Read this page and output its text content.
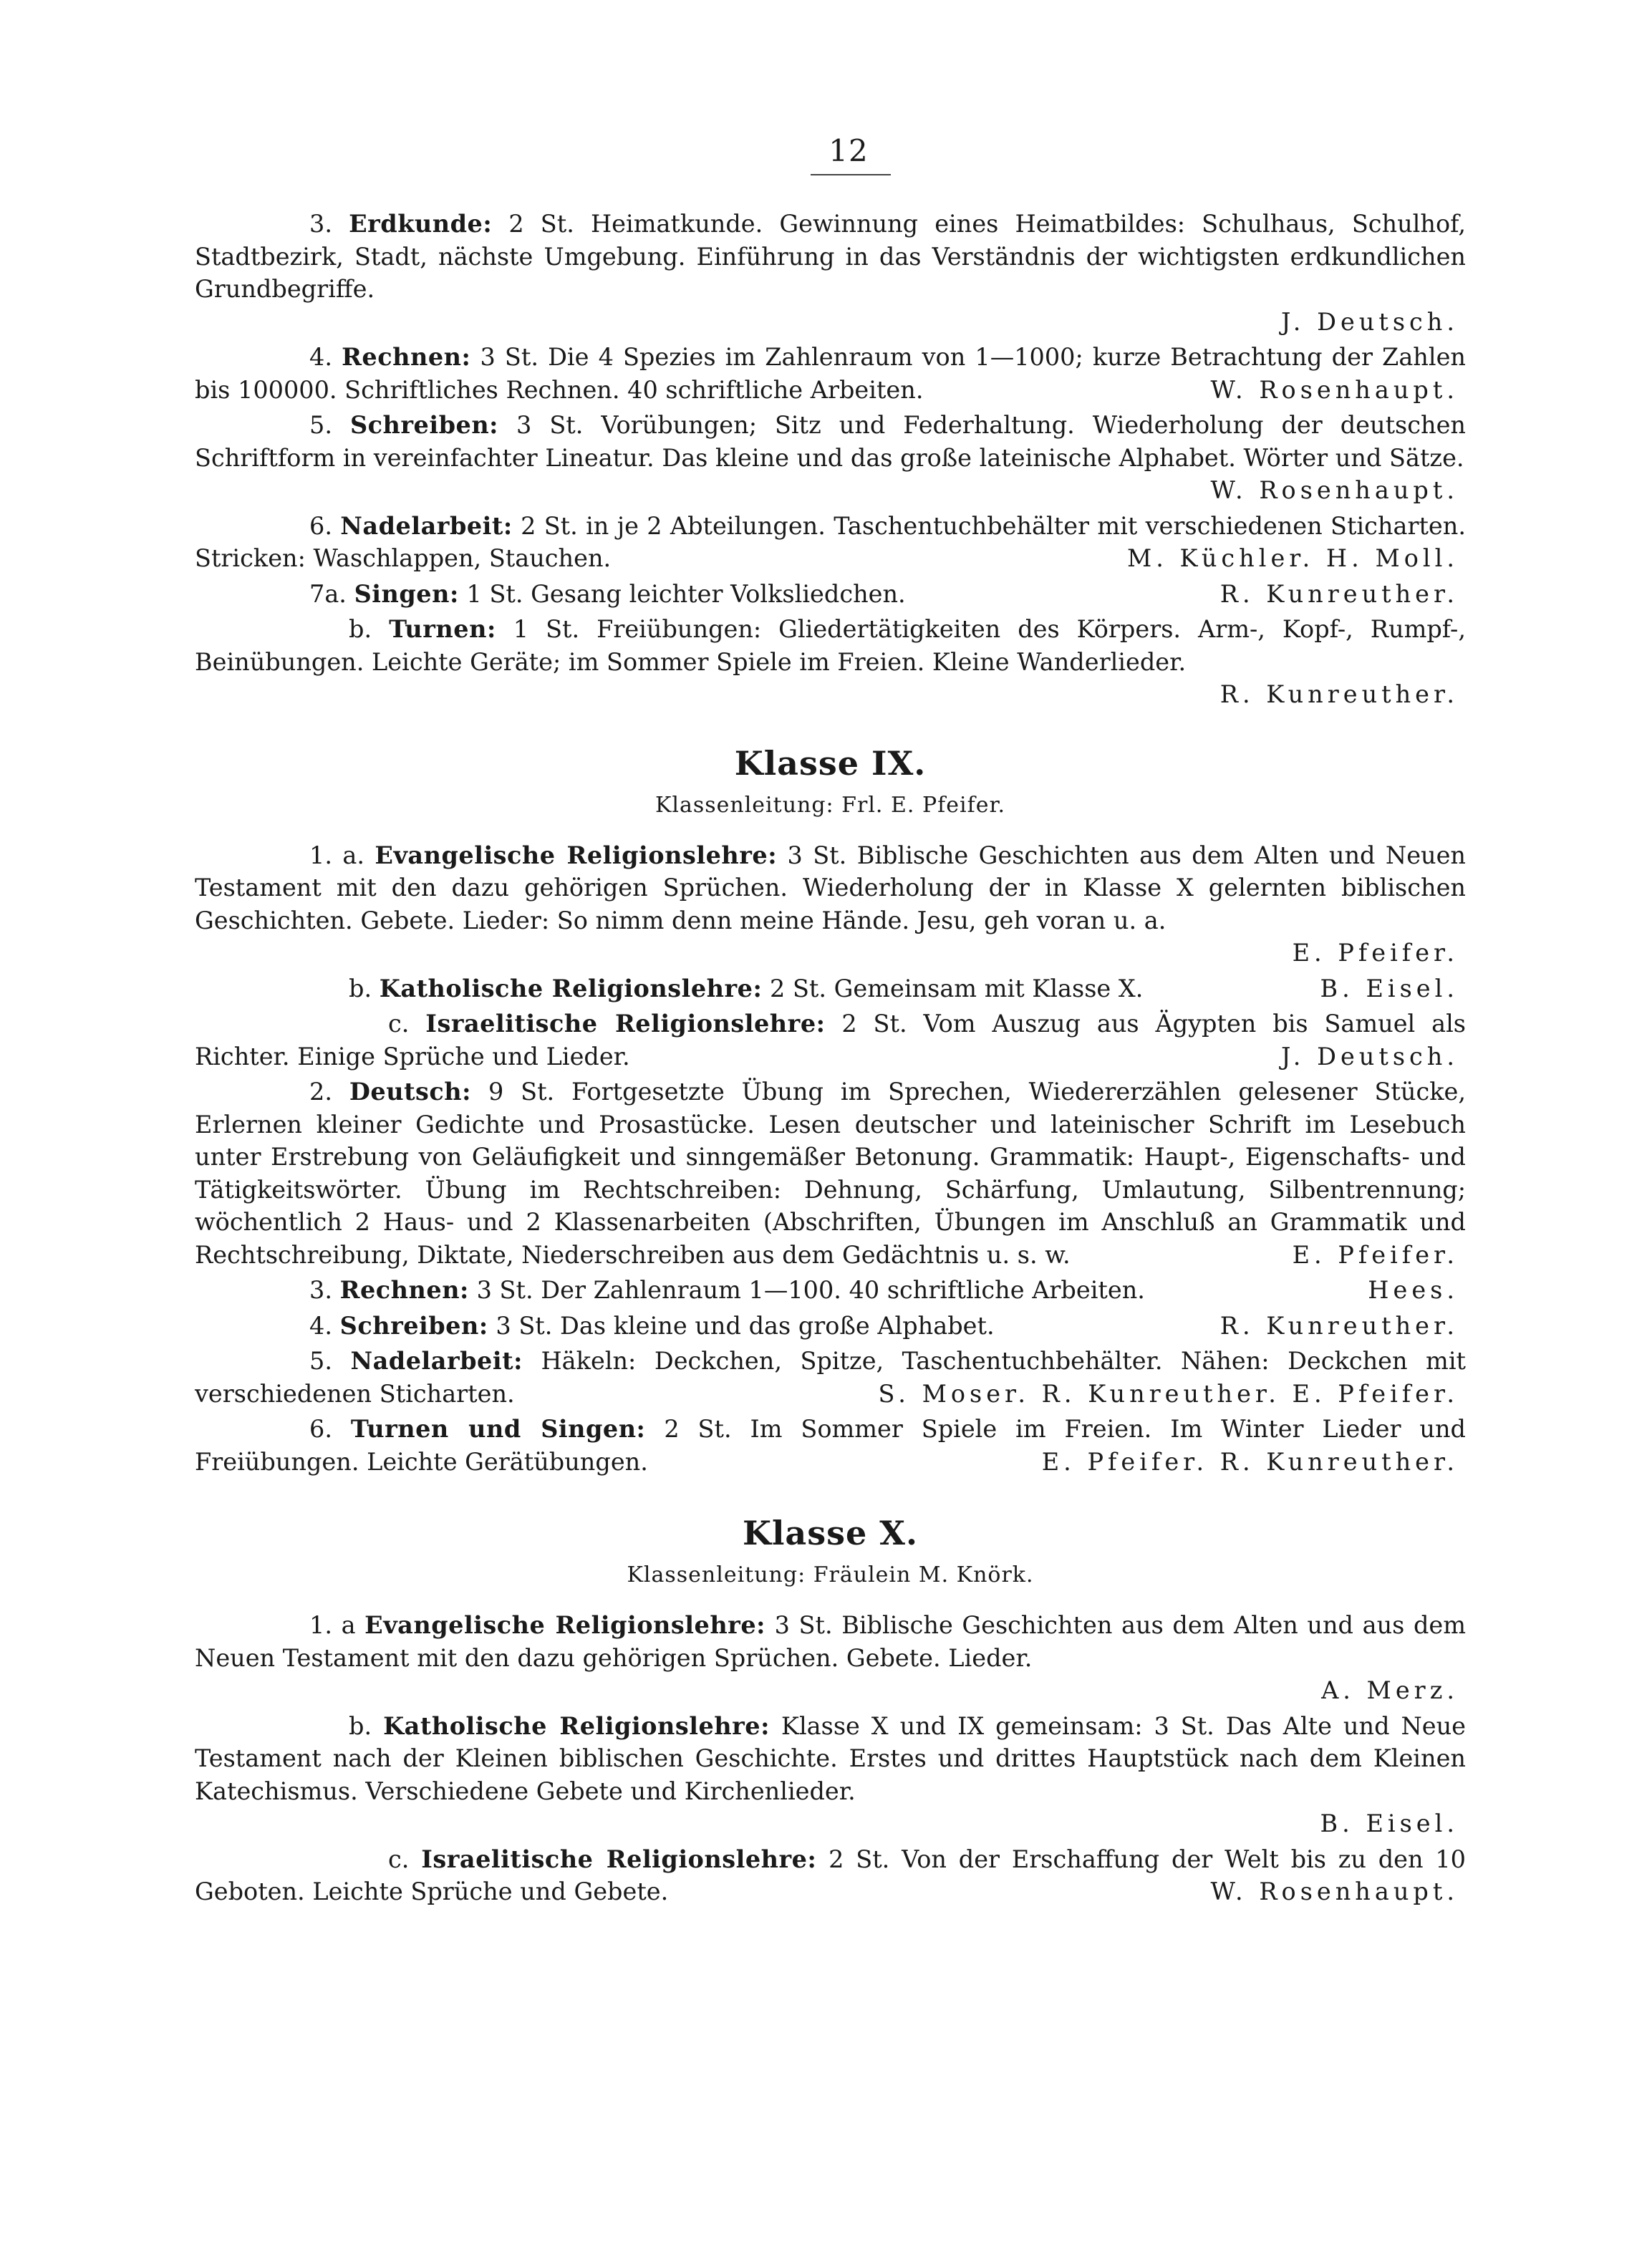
12

3. Erdkunde: 2 St. Heimatkunde. Gewinnung eines Heimatbildes: Schulhaus, Schulhof, Stadtbezirk, Stadt, nächste Umgebung. Einführung in das Verständnis der wichtigsten erdkundlichen Grundbegriffe.
J. Deutsch.

4. Rechnen: 3 St. Die 4 Spezies im Zahlenraum von 1—1000; kurze Betrachtung der Zahlen bis 100000. Schriftliches Rechnen. 40 schriftliche Arbeiten.	W. Rosenhaupt.

5. Schreiben: 3 St. Vorübungen; Sitz und Federhaltung. Wiederholung der deutschen Schriftform in vereinfachter Lineatur. Das kleine und das große lateinische Alphabet. Wörter und Sätze.
W. Rosenhaupt.

6. Nadelarbeit: 2 St. in je 2 Abteilungen. Taschentuchbehälter mit verschiedenen Sticharten. Stricken: Waschlappen, Stauchen.	M. Küchler. H. Moll.

7a. Singen: 1 St. Gesang leichter Volksliedchen.	R. Kunreuther.

b. Turnen: 1 St. Freiübungen: Gliedertätigkeiten des Körpers. Arm-, Kopf-, Rumpf-, Beinübungen. Leichte Geräte; im Sommer Spiele im Freien. Kleine Wanderlieder.
R. Kunreuther.

Klasse IX.
Klassenleitung: Frl. E. Pfeifer.

1. a. Evangelische Religionslehre: 3 St. Biblische Geschichten aus dem Alten und Neuen Testament mit den dazu gehörigen Sprüchen. Wiederholung der in Klasse X gelernten biblischen Geschichten. Gebete. Lieder: So nimm denn meine Hände. Jesu, geh voran u. a.
E. Pfeifer.

b. Katholische Religionslehre: 2 St. Gemeinsam mit Klasse X.	B. Eisel.

c. Israelitische Religionslehre: 2 St. Vom Auszug aus Ägypten bis Samuel als Richter. Einige Sprüche und Lieder.	J. Deutsch.

2. Deutsch: 9 St. Fortgesetzte Übung im Sprechen, Wiedererzählen gelesener Stücke, Erlernen kleiner Gedichte und Prosastücke. Lesen deutscher und lateinischer Schrift im Lesebuch unter Erstrebung von Geläufigkeit und sinngemäßer Betonung. Grammatik: Haupt-, Eigenschafts- und Tätigkeitswörter. Übung im Rechtschreiben: Dehnung, Schärfung, Umlautung, Silbentrennung; wöchentlich 2 Haus- und 2 Klassenarbeiten (Abschriften, Übungen im Anschluß an Grammatik und Rechtschreibung, Diktate, Niederschreiben aus dem Gedächtnis u. s. w.	E. Pfeifer.

3. Rechnen: 3 St. Der Zahlenraum 1—100. 40 schriftliche Arbeiten.	Hees.

4. Schreiben: 3 St. Das kleine und das große Alphabet.	R. Kunreuther.

5. Nadelarbeit: Häkeln: Deckchen, Spitze, Taschentuchbehälter. Nähen: Deckchen mit verschiedenen Sticharten.	S. Moser. R. Kunreuther. E. Pfeifer.

6. Turnen und Singen: 2 St. Im Sommer Spiele im Freien. Im Winter Lieder und Freiübungen. Leichte Gerätübungen.	E. Pfeifer. R. Kunreuther.

Klasse X.
Klassenleitung: Fräulein M. Knörk.

1. a Evangelische Religionslehre: 3 St. Biblische Geschichten aus dem Alten und aus dem Neuen Testament mit den dazu gehörigen Sprüchen. Gebete. Lieder.
A. Merz.

b. Katholische Religionslehre: Klasse X und IX gemeinsam: 3 St. Das Alte und Neue Testament nach der Kleinen biblischen Geschichte. Erstes und drittes Hauptstück nach dem Kleinen Katechismus. Verschiedene Gebete und Kirchenlieder.
B. Eisel.

c. Israelitische Religionslehre: 2 St. Von der Erschaffung der Welt bis zu den 10 Geboten. Leichte Sprüche und Gebete.	W. Rosenhaupt.
